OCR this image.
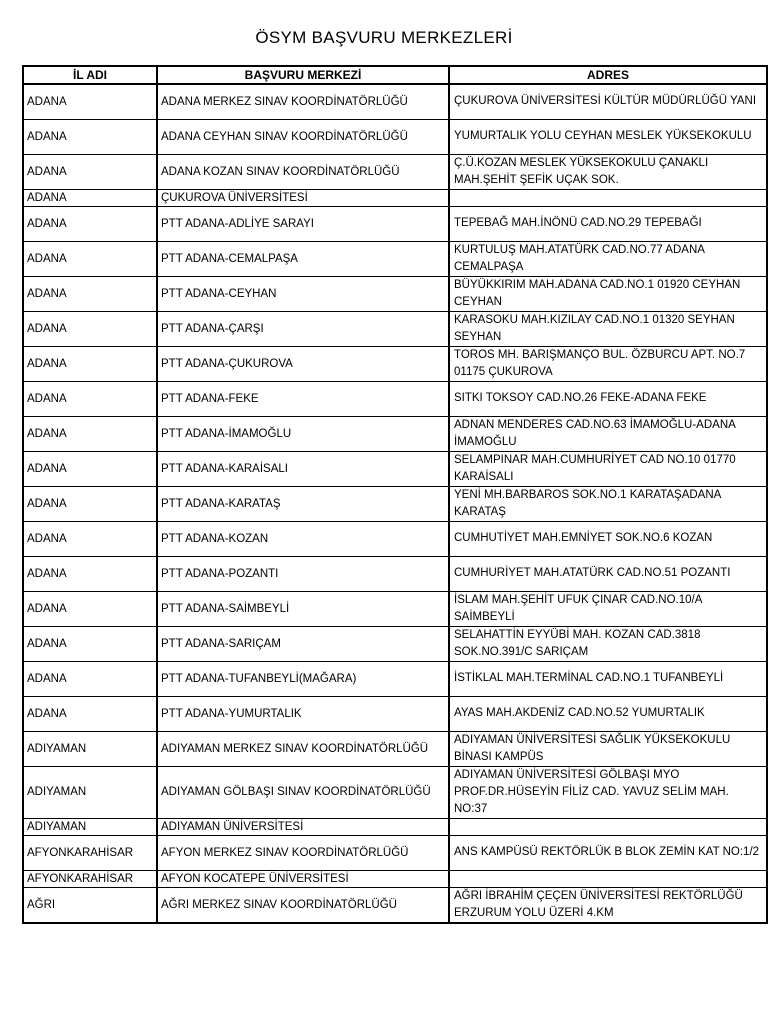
ÖSYM BAŞVURU MERKEZLERİ
İL ADI	BAŞVURU MERKEZİ	ADRES
ADANA	ADANA MERKEZ SINAV KOORDİNATÖRLÜĞÜ	ÇUKUROVA ÜNİVERSİTESİ KÜLTÜR MÜDÜRLÜĞÜ YANI
ADANA	ADANA CEYHAN SINAV KOORDİNATÖRLÜĞÜ	YUMURTALIK YOLU CEYHAN MESLEK YÜKSEKOKULU
ADANA	ADANA KOZAN SINAV KOORDİNATÖRLÜĞÜ	Ç.Ü.KOZAN MESLEK YÜKSEKOKULU ÇANAKLI MAH.ŞEHİT ŞEFİK UÇAK SOK.
ADANA	ÇUKUROVA ÜNİVERSİTESİ	
ADANA	PTT ADANA-ADLİYE SARAYI	TEPEBAĞ MAH.İNÖNÜ CAD.NO.29 TEPEBAĞI
ADANA	PTT ADANA-CEMALPAŞA	KURTULUŞ MAH.ATATÜRK CAD.NO.77 ADANA CEMALPAŞA
ADANA	PTT ADANA-CEYHAN	BÜYÜKKIRIM MAH.ADANA CAD.NO.1 01920 CEYHAN CEYHAN
ADANA	PTT ADANA-ÇARŞI	KARASOKU MAH.KIZILAY CAD.NO.1 01320 SEYHAN SEYHAN
ADANA	PTT ADANA-ÇUKUROVA	TOROS MH. BARIŞMANÇO BUL. ÖZBURCU APT. NO.7 01175 ÇUKUROVA
ADANA	PTT ADANA-FEKE	SITKI TOKSOY CAD.NO.26 FEKE-ADANA FEKE
ADANA	PTT ADANA-İMAMOĞLU	ADNAN MENDERES CAD.NO.63 İMAMOĞLU-ADANA İMAMOĞLU
ADANA	PTT ADANA-KARAİSALI	SELAMPINAR MAH.CUMHURİYET CAD NO.10 01770 KARAİSALI
ADANA	PTT ADANA-KARATAŞ	YENİ MH.BARBAROS SOK.NO.1 KARATAŞADANA KARATAŞ
ADANA	PTT ADANA-KOZAN	CUMHUTİYET MAH.EMNİYET SOK.NO.6 KOZAN
ADANA	PTT ADANA-POZANTI	CUMHURİYET MAH.ATATÜRK CAD.NO.51 POZANTI
ADANA	PTT ADANA-SAİMBEYLİ	İSLAM MAH.ŞEHİT UFUK ÇINAR CAD.NO.10/A SAİMBEYLİ
ADANA	PTT ADANA-SARIÇAM	SELAHATTİN EYYÜBİ MAH. KOZAN CAD.3818 SOK.NO.391/C SARIÇAM
ADANA	PTT ADANA-TUFANBEYLİ(MAĞARA)	İSTİKLAL MAH.TERMİNAL CAD.NO.1 TUFANBEYLİ
ADANA	PTT ADANA-YUMURTALIK	AYAS MAH.AKDENİZ CAD.NO.52 YUMURTALIK
ADIYAMAN	ADIYAMAN MERKEZ SINAV KOORDİNATÖRLÜĞÜ	ADIYAMAN ÜNİVERSİTESİ SAĞLIK YÜKSEKOKULU BİNASI KAMPÜS
ADIYAMAN	ADIYAMAN GÖLBAŞI SINAV KOORDİNATÖRLÜĞÜ	ADIYAMAN ÜNİVERSİTESİ GÖLBAŞI MYO PROF.DR.HÜSEYİN FİLİZ CAD. YAVUZ SELİM MAH. NO:37
ADIYAMAN	ADIYAMAN ÜNİVERSİTESİ	
AFYONKARAHİSAR	AFYON MERKEZ SINAV KOORDİNATÖRLÜĞÜ	ANS KAMPÜSÜ REKTÖRLÜK B BLOK ZEMİN KAT NO:1/2
AFYONKARAHİSAR	AFYON KOCATEPE ÜNİVERSİTESİ	
AĞRI	AĞRI MERKEZ SINAV KOORDİNATÖRLÜĞÜ	AĞRI İBRAHİM ÇEÇEN ÜNİVERSİTESİ REKTÖRLÜĞÜ ERZURUM YOLU ÜZERİ 4.KM
